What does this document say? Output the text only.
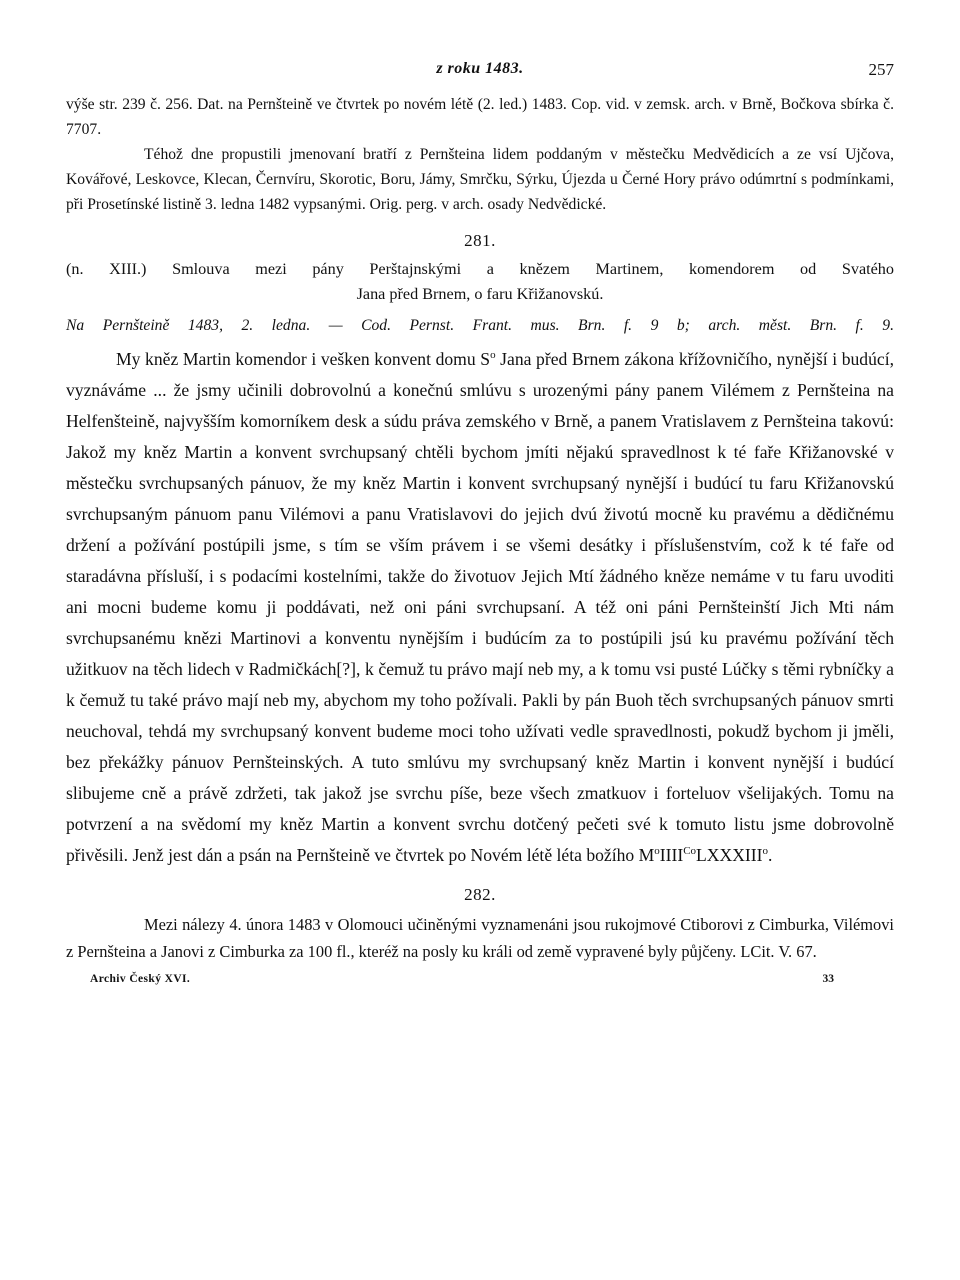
z roku 1483.	257

výše str. 239 č. 256. Dat. na Pernšteině ve čtvrtek po novém létě (2. led.) 1483. Cop. vid. v zemsk. arch. v Brně, Bočkova sbírka č. 7707.

Téhož dne propustili jmenovaní bratří z Pernšteina lidem poddaným v městečku Medvědicích a ze vsí Ujčova, Kovářové, Leskovce, Klecan, Černvíru, Skorotic, Boru, Jámy, Smrčku, Sýrku, Újezda u Černé Hory právo odúmrtní s podmínkami, při Prosetínské listině 3. ledna 1482 vypsanými. Orig. perg. v arch. osady Nedvědické.

281.
(n. XIII.) Smlouva mezi pány Perštajnskými a knězem Martinem, komendorem od Svatého
Jana před Brnem, o faru Křižanovskú.
Na Pernšteině 1483, 2. ledna. — Cod. Pernst. Frant. mus. Brn. f. 9 b; arch. měst. Brn. f. 9.

My kněz Martin komendor i vešken konvent domu $S^o$ Jana před Brnem zákona křížovničího, nynější i budúcí, vyznáváme ... že jsmy učinili dobrovolnú a konečnú smlúvu s urozenými pány panem Vilémem z Pernšteina na Helfenšteině, najvyšším komorníkem desk a súdu práva zemského v Brně, a panem Vratislavem z Pernšteina takovú: Jakož my kněz Martin a konvent svrchupsaný chtěli bychom jmíti nějakú spravedlnost k té faře Křižanovské v městečku svrchupsaných pánuov, že my kněz Martin i konvent svrchupsaný nynější i budúcí tu faru Křižanovskú svrchupsaným pánuom panu Vilémovi a panu Vratislavovi do jejich dvú životú mocně ku pravému a dědičnému držení a požívání postúpili jsme, s tím se vším právem i se všemi desátky i příslušenstvím, což k té faře od staradávna přísluší, i s podacími kostelními, takže do životuov Jejich Mtí žádného kněze nemáme v tu faru uvoditi ani mocni budeme komu ji poddávati, než oni páni svrchupsaní. A též oni páni Pernšteinští Jich Mti nám svrchupsanému knězi Martinovi a konventu nynějším i budúcím za to postúpili jsú ku pravému požívání těch užitkuov na těch lidech v Radmičkách[?], k čemuž tu právo mají neb my, a k tomu vsi pusté Lúčky s těmi rybníčky a k čemuž tu také právo mají neb my, abychom my toho požívali. Pakli by pán Buoh těch svrchupsaných pánuov smrti neuchoval, tehdá my svrchupsaný konvent budeme moci toho užívati vedle spravedlnosti, pokudž bychom ji jměli, bez překážky pánuov Pernšteinských. A tuto smlúvu my svrchupsaný kněz Martin i konvent nynější i budúcí slibujeme cně a právě zdržeti, tak jakož jse svrchu píše, beze všech zmatkuov i forteluov všelijakých. Tomu na potvrzení a na svědomí my kněz Martin a konvent svrchu dotčený pečeti své k tomuto listu jsme dobrovolně přivěsili. Jenž jest dán a psán na Pernšteině ve čtvrtek po Novém létě léta božího $M^oIIII^{Co}LXXXIII^o$.

282.

Mezi nálezy 4. února 1483 v Olomouci učiněnými vyznamenáni jsou rukojmové Ctiborovi z Cimburka, Vilémovi z Pernšteina a Janovi z Cimburka za 100 fl., kteréž na posly ku králi od země vypravené byly půjčeny. LCit. V. 67.

Archiv Český XVI.	33
